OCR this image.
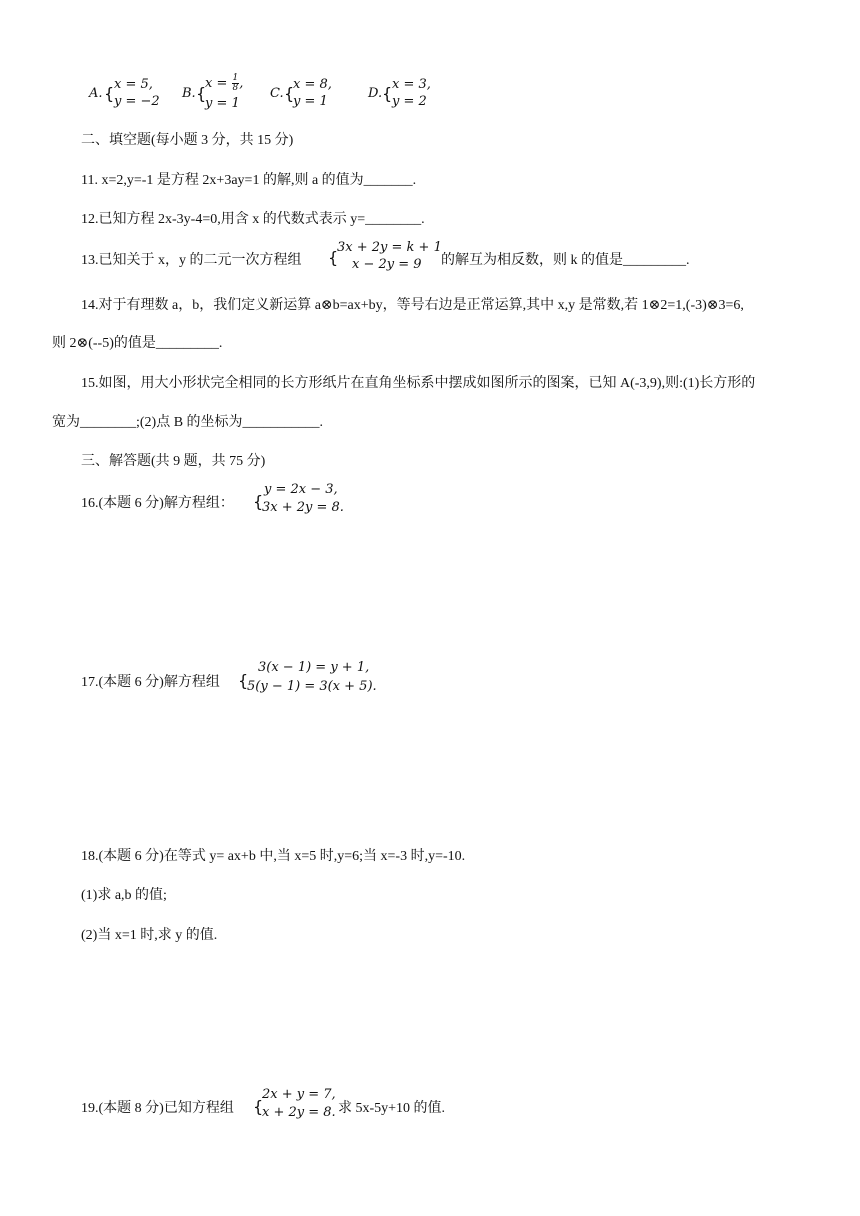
A. { x = 5,
y = −2
B. {
$x = \frac{1}{8}$ ,
y = 1
C. {
x = 8,
y = 1
D. { x = 3,
y = 2
二、填空题(每小题 3 分，共 15 分)
11. x=2,y=-1 是方程 2x+3ay=1 的解,则 a 的值为_______.
12.已知方程 2x-3y-4=0,用含 x 的代数式表示 y=________.
13.已知关于 x，y 的二元一次方程组 {
3x + 2y = k + 1
x − 2y = 9 的解互为相反数，则 k 的值是_________.
14.对于有理数 a，b，我们定义新运算 a⊗b=ax+by，等号右边是正常运算,其中 x,y 是常数,若 1⊗2=1,(-3)⊗3=6,
则 2⊗(--5)的值是_________.
15.如图，用大小形状完全相同的长方形纸片在直角坐标系中摆成如图所示的图案，已知 A(-3,9),则:(1)长方形的
宽为________;(2)点 B 的坐标为___________.
三、解答题(共 9 题，共 75 分)
16.(本题 6 分)解方程组： {
y = 2x − 3,
3x + 2y = 8.
17.(本题 6 分)解方程组 {
3(x − 1) = y + 1,
5(y − 1) = 3(x + 5).
18.(本题 6 分)在等式 y= ax+b 中,当 x=5 时,y=6;当 x=-3 时,y=-10.
(1)求 a,b 的值;
(2)当 x=1 时,求 y 的值.
19.(本题 8 分)已知方程组 {
2x + y = 7,
x + 2y = 8. 求 5x-5y+10 的值.
